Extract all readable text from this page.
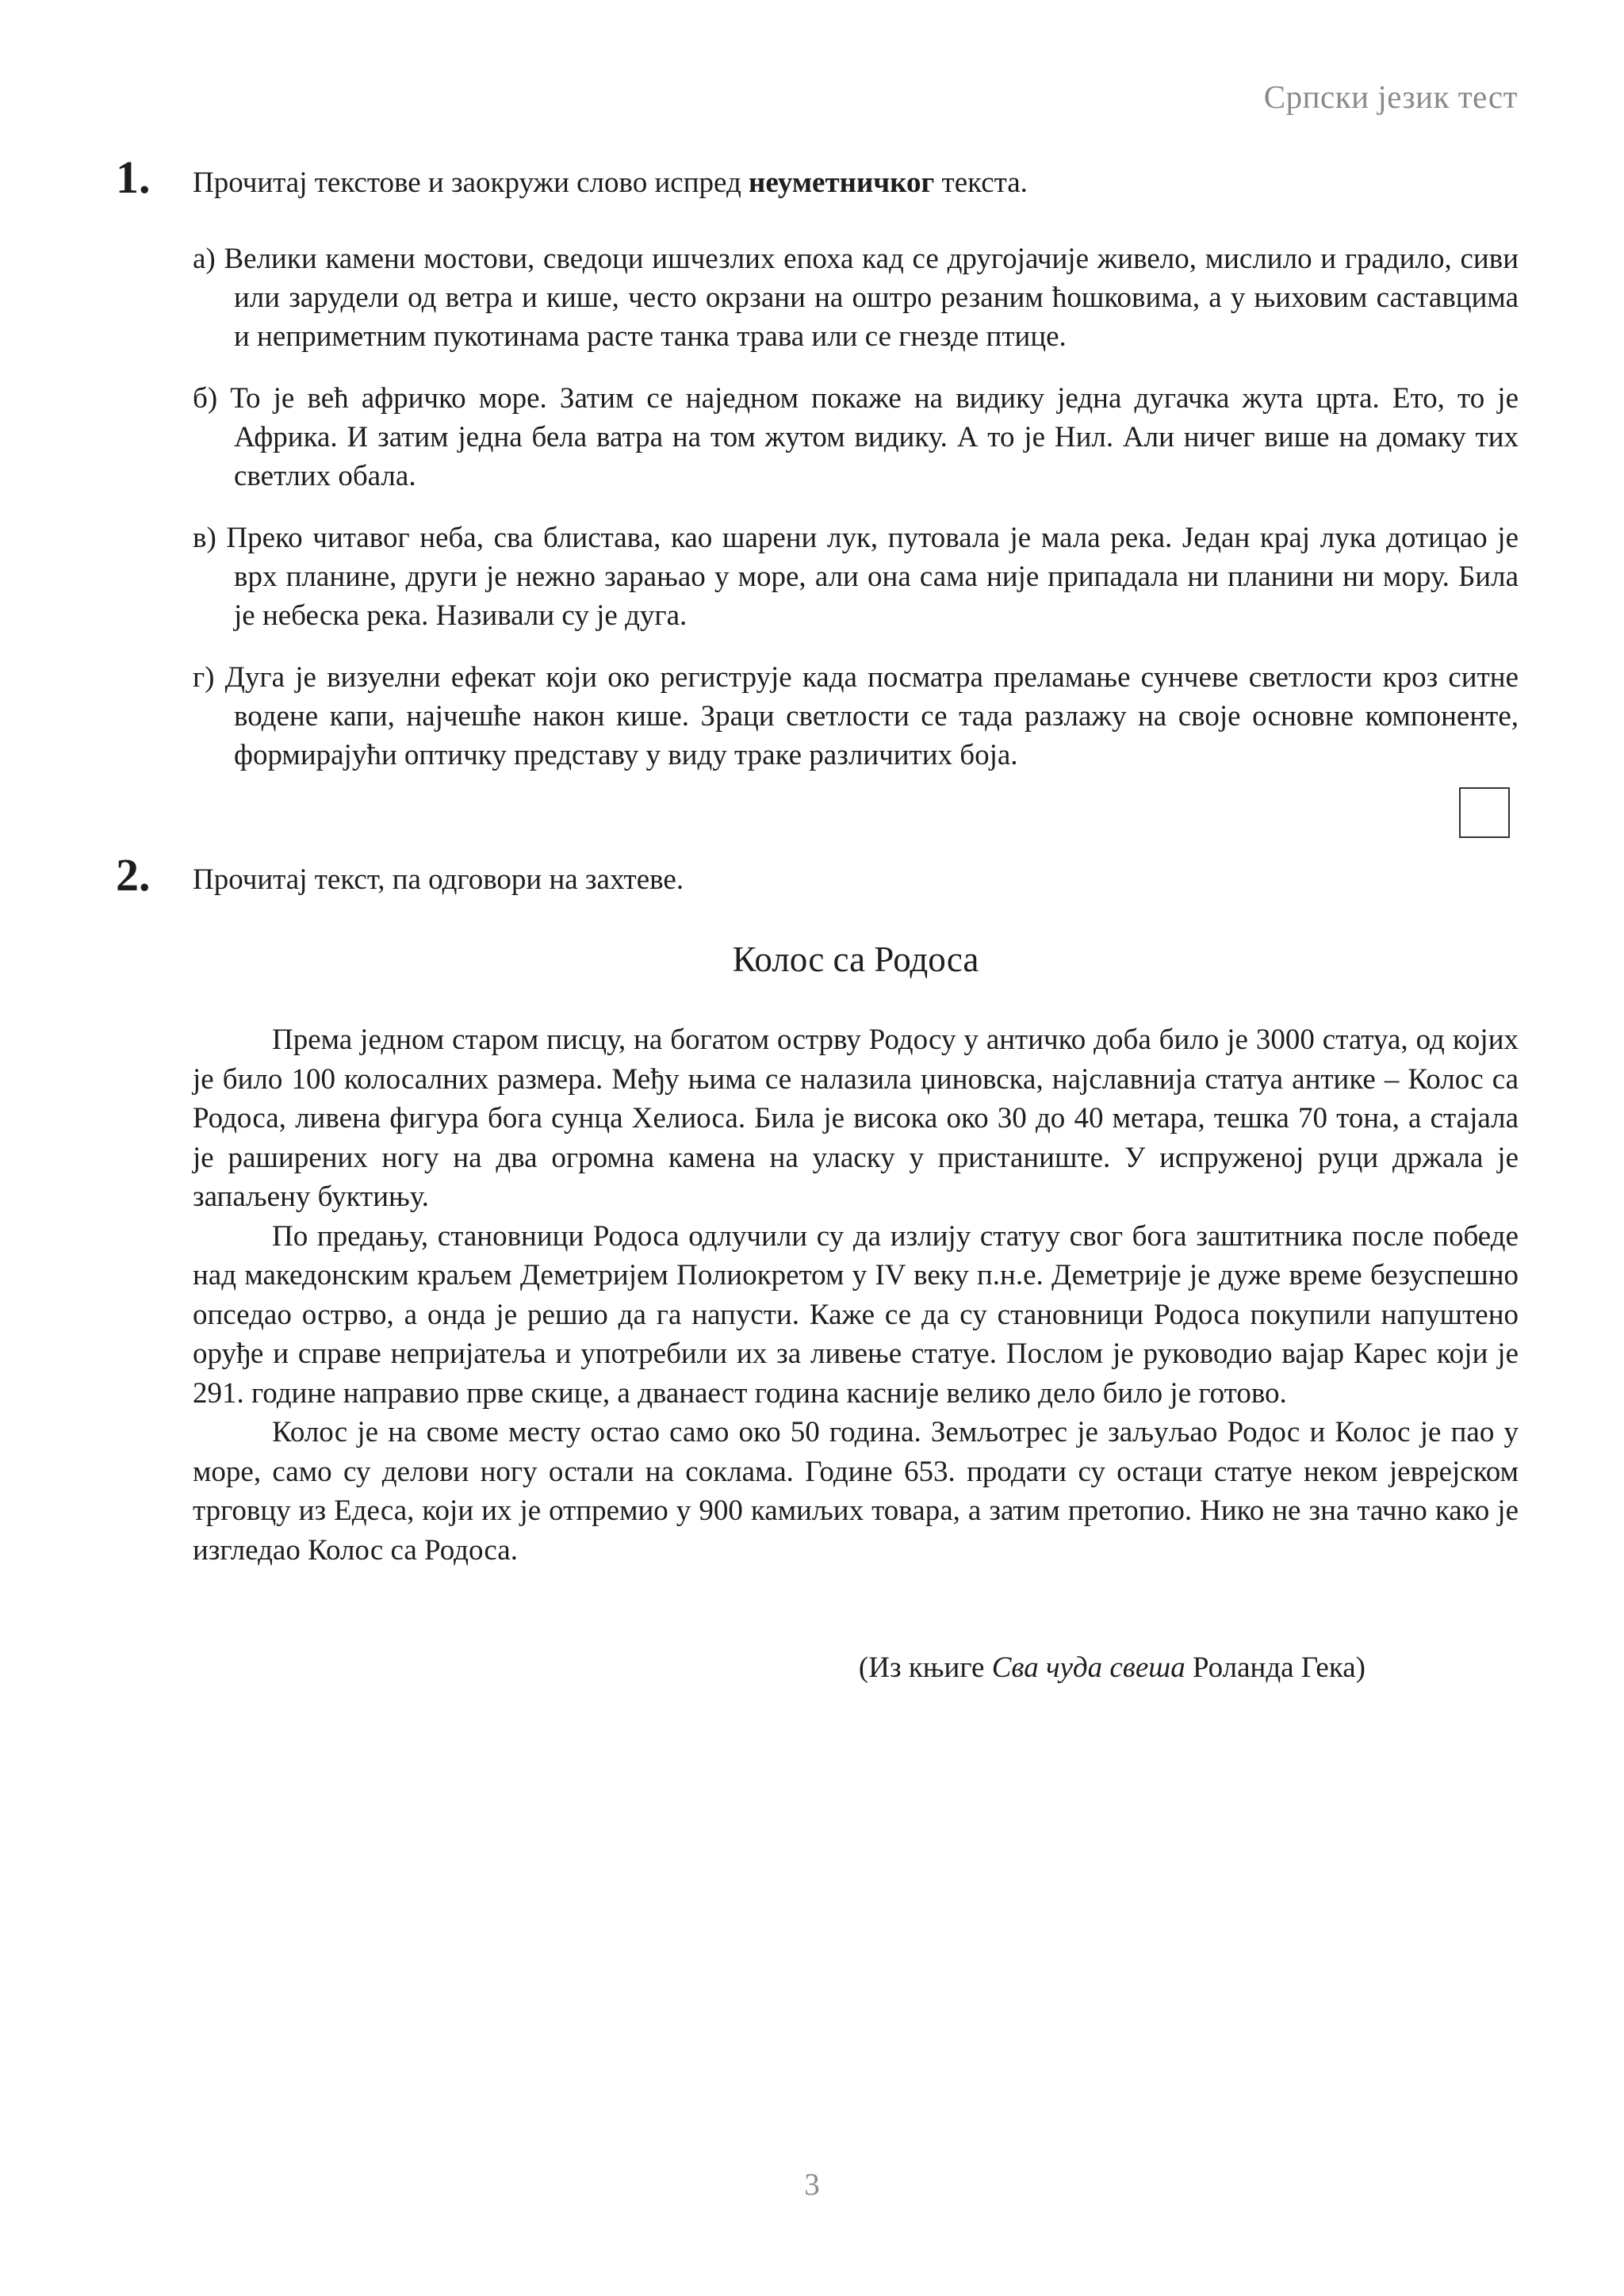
Српски језик тест
1. Прочитај текстове и заокружи слово испред неуметничког текста.
а) Велики камени мостови, сведоци ишчезлих епоха кад се другојачије живело, мислило и градило, сиви или зарудели од ветра и кише, често окрзани на оштро резаним ћошковима, а у њиховим саставцима и неприметним пукотинама расте танка трава или се гнезде птице.
б) То је већ афричко море. Затим се наједном покаже на видику једна дугачка жута црта. Ето, то је Африка. И затим једна бела ватра на том жутом видику. А то је Нил. Али ничег више на домаку тих светлих обала.
в) Преко читавог неба, сва блистава, као шарени лук, путовала је мала река. Један крај лука дотицао је врх планине, други је нежно зарањао у море, али она сама није припадала ни планини ни мору. Била је небеска река. Називали су је дуга.
г) Дуга је визуелни ефекат који око региструје када посматра преламање сунчеве светлости кроз ситне водене капи, најчешће након кише. Зраци светлости се тада разлажу на своје основне компоненте, формирајући оптичку представу у виду траке различитих боја.
2. Прочитај текст, па одговори на захтеве.
Колос са Родоса

Према једном старом писцу, на богатом острву Родосу у античко доба било је 3000 статуа, од којих је било 100 колосалних размера. Међу њима се налазила џиновска, најславнија статуа антике – Колос са Родоса, ливена фигура бога сунца Хелиоса. Била је висока око 30 до 40 метара, тешка 70 тона, а стајала је раширених ногу на два огромна камена на уласку у пристаниште. У испруженој руци држала је запаљену буктињу.

По предању, становници Родоса одлучили су да излију статуу свог бога заштитника после победе над македонским краљем Деметријем Полиокретом у IV веку п.н.е. Деметрије је дуже време безуспешно опседао острво, а онда је решио да га напусти. Каже се да су становници Родоса покупили напуштено оруђе и справе непријатеља и употребили их за ливење статуе. Послом је руководио вајар Карес који је 291. године направио прве скице, а дванаест година касније велико дело било је готово.

Колос је на своме месту остао само око 50 година. Земљотрес је заљуљао Родос и Колос је пао у море, само су делови ногу остали на соклама. Године 653. продати су остаци статуе неком јеврејском трговцу из Едеса, који их је отпремио у 900 камиљих товара, а затим претопио. Нико не зна тачно како је изгледао Колос са Родоса.

(Из књиге Сва чуда свеша Роланда Гека)
3
